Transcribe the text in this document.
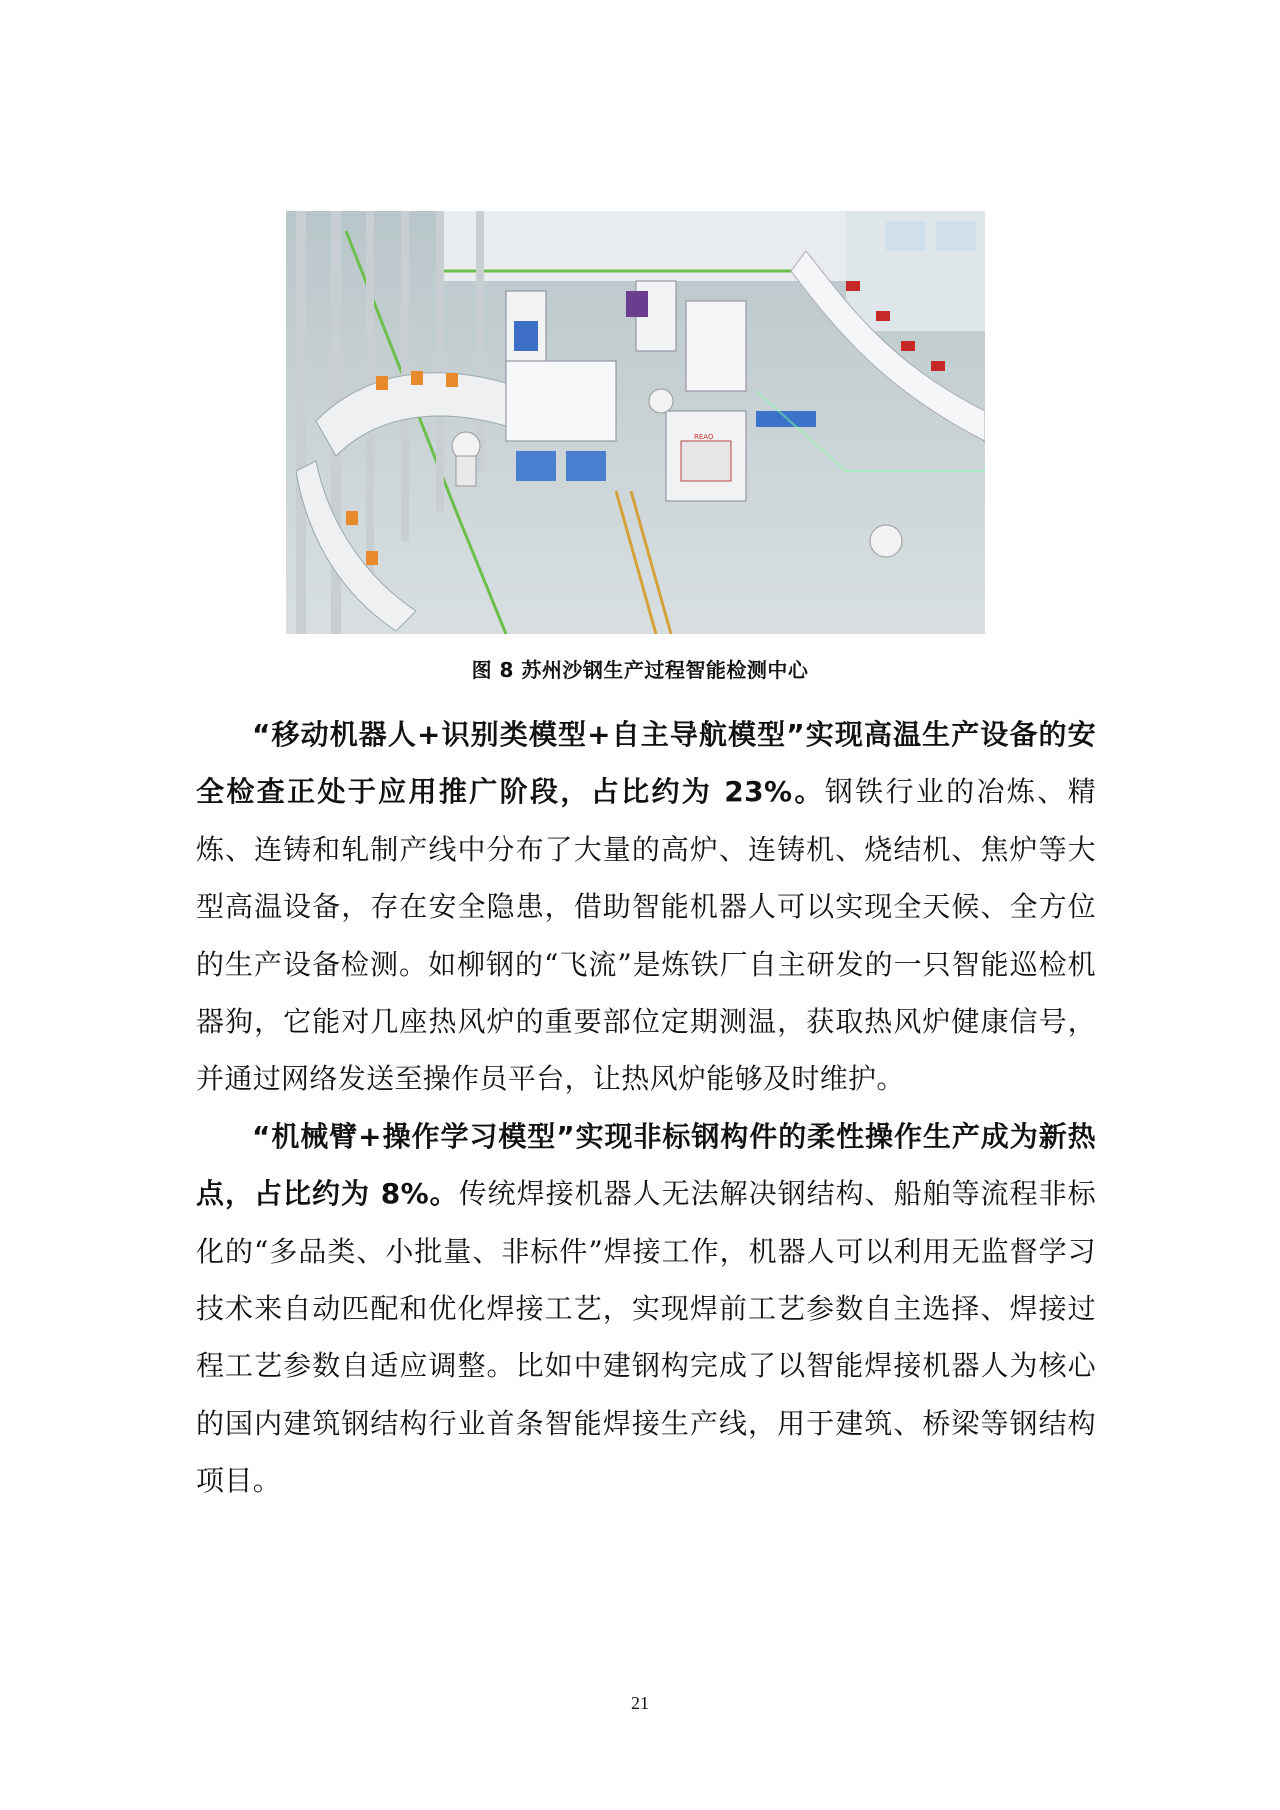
REAO
图 8 苏州沙钢生产过程智能检测中心

“移动机器人+识别类模型+自主导航模型”实现高温生产设备的安全检查正处于应用推广阶段，占比约为 23%。钢铁行业的冶炼、精炼、连铸和轧制产线中分布了大量的高炉、连铸机、烧结机、焦炉等大型高温设备，存在安全隐患，借助智能机器人可以实现全天候、全方位的生产设备检测。如柳钢的“飞流”是炼铁厂自主研发的一只智能巡检机器狗，它能对几座热风炉的重要部位定期测温，获取热风炉健康信号，并通过网络发送至操作员平台，让热风炉能够及时维护。

“机械臂+操作学习模型”实现非标钢构件的柔性操作生产成为新热点，占比约为 8%。传统焊接机器人无法解决钢结构、船舶等流程非标化的“多品类、小批量、非标件”焊接工作，机器人可以利用无监督学习技术来自动匹配和优化焊接工艺，实现焊前工艺参数自主选择、焊接过程工艺参数自适应调整。比如中建钢构完成了以智能焊接机器人为核心的国内建筑钢结构行业首条智能焊接生产线，用于建筑、桥梁等钢结构项目。

21
